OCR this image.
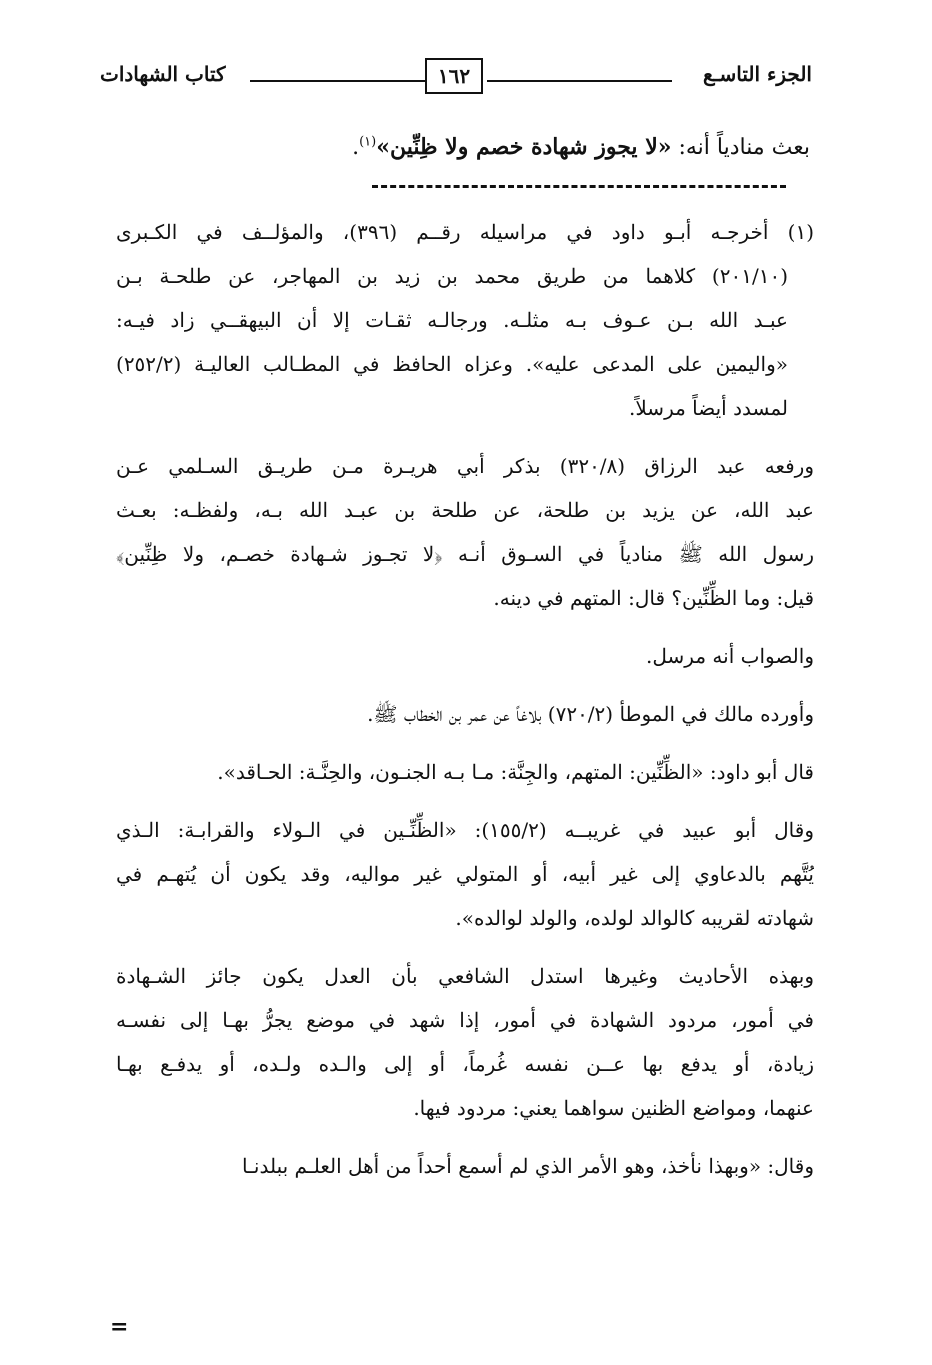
الجزء التاسـع
١٦٢
كتاب الشهادات
بعث منادياً أنه: «لا يجوز شهادة خصم ولا ظِنِّين»$^{(١)}$.
(١) أخرجـه أبـو داود في مراسيله رقــم (٣٩٦)، والمؤلــف في الكـبرى
(٢٠١/١٠) كلاهما من طريق محمد بن زيد بن المهاجر، عن طلحـة بـن
عبـد الله بـن عـوف بـه مثلـه. ورجالـه ثقـات إلا أن البيهقــي زاد فيـه:
«واليمين على المدعى عليه». وعزاه الحافظ في المطـالب العاليـة (٢٥٢/٢)
لمسدد أيضاً مرسلاً.
ورفعه عبد الرزاق (٣٢٠/٨) بذكر أبي هريـرة مـن طريـق السـلمي عـن
عبد الله، عن يزيد بن طلحة، عن طلحة بن عبـد الله بـه، ولفظـه: بعـث
رسول الله ﷺ منادياً في السـوق أنـه ﴿لا تجـوز شـهادة خصـم، ولا ظِنِّين﴾
قيل: وما الظِّنِّين؟ قال: المتهم في دينه.
والصواب أنه مرسل.
وأورده مالك في الموطأ (٧٢٠/٢) بلاغاً عن عمر بن الخطاب ﷺ.
قال أبو داود: «الظِّنِّين: المتهم، والجِنَّة: مـا بـه الجنـون، والحِنَّـة: الحـاقد».
وقال أبو عبيد في غريبــه (١٥٥/٢): «الظِّنِّـين في الـولاء والقرابـة: الـذي
يُتَّهم بالدعاوي إلى غير أبيه، أو المتولي غير مواليه، وقد يكون أن يُتهـم في
شهادته لقريبه كالوالد لولده، والولد لوالده».
وبهذه الأحاديث وغيرها استدل الشافعي بأن العدل يكون جائز الشـهادة
في أمور، مردود الشهادة في أمور، إذا شهد في موضع يجرُّ بهـا إلى نفسـه
زيادة، أو يدفع بها عــن نفسه غُرماً، أو إلى والـده ولـده، أو يدفـع بهـا
عنهما، ومواضع الظنين سواهما يعني: مردود فيها.
وقال: «وبهذا نأخذ، وهو الأمر الذي لم أسمع أحداً من أهل العلـم ببلدنـا
=
